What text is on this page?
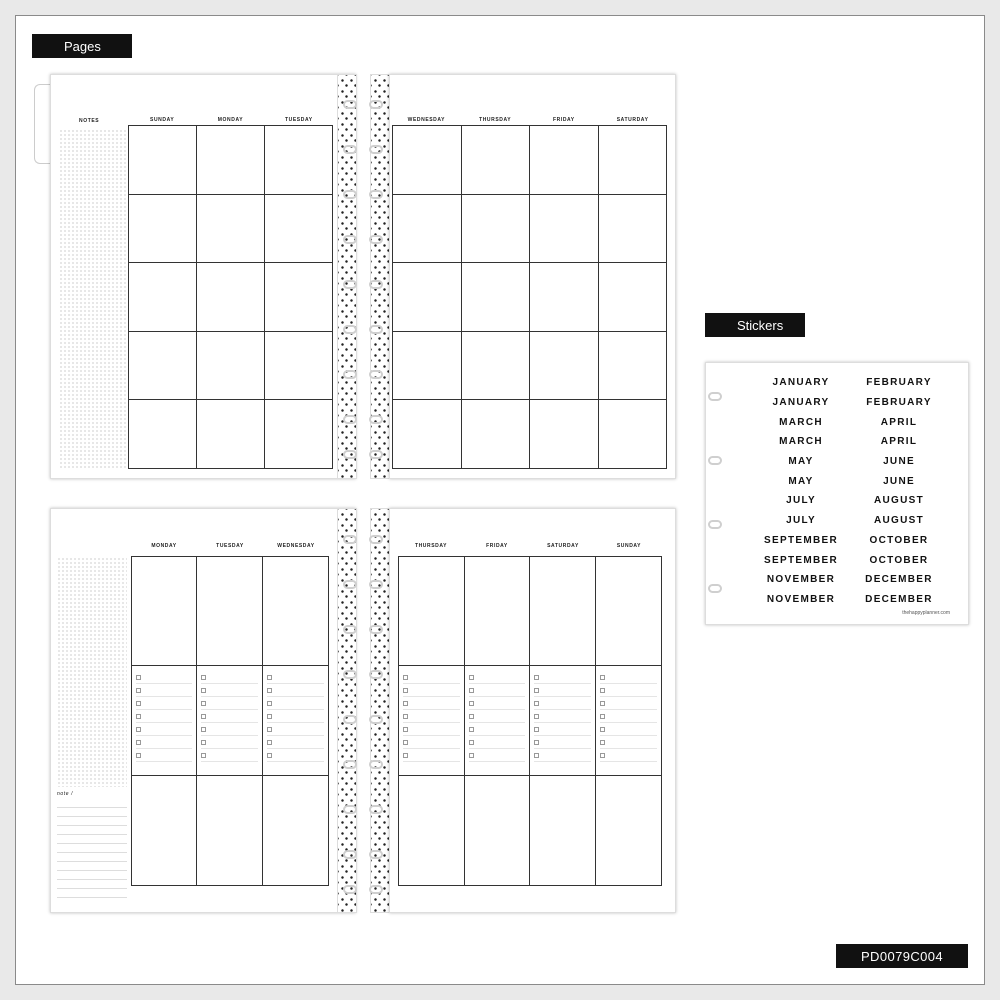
Pages
Stickers
NOTES	SUNDAY	MONDAY	TUESDAY	WEDNESDAY	THURSDAY	FRIDAY	SATURDAY
note /
MONDAY	TUESDAY	WEDNESDAY	THURSDAY	FRIDAY	SATURDAY	SUNDAY
JANUARY	FEBRUARY
JANUARY	FEBRUARY
MARCH	APRIL
MARCH	APRIL
MAY	JUNE
MAY	JUNE
JULY	AUGUST
JULY	AUGUST
SEPTEMBER	OCTOBER
SEPTEMBER	OCTOBER
NOVEMBER	DECEMBER
NOVEMBER	DECEMBER
thehappyplanner.com
PD0079C004
